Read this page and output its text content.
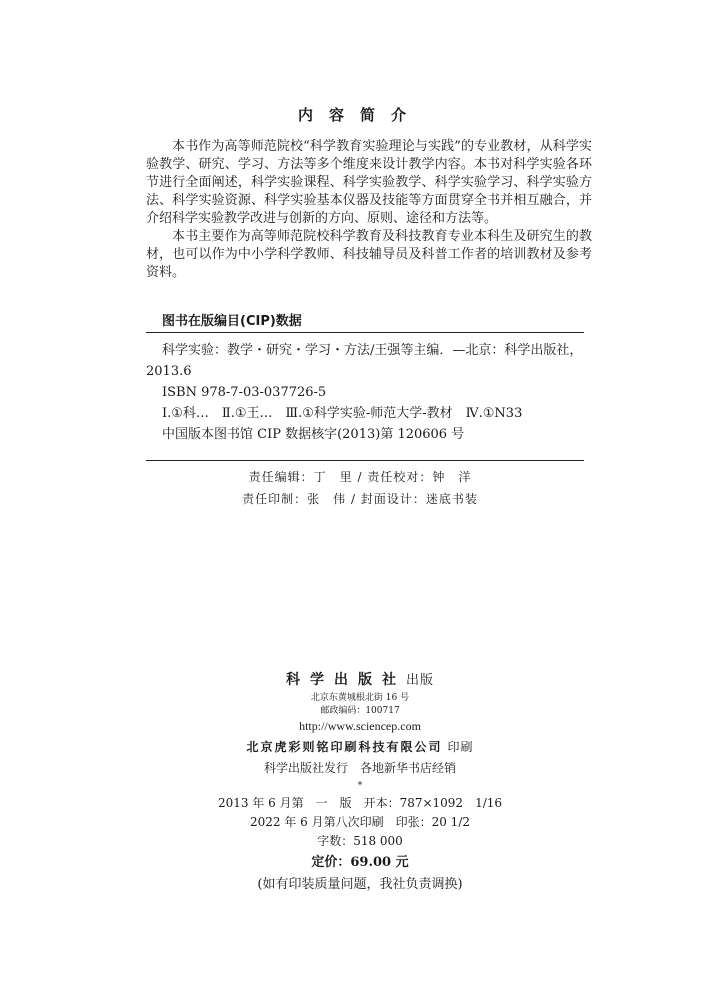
内容简介

本书作为高等师范院校“科学教育实验理论与实践”的专业教材，从科学实验教学、研究、学习、方法等多个维度来设计教学内容。本书对科学实验各环节进行全面阐述，科学实验课程、科学实验教学、科学实验学习、科学实验方法、科学实验资源、科学实验基本仪器及技能等方面贯穿全书并相互融合，并介绍科学实验教学改进与创新的方向、原则、途径和方法等。

本书主要作为高等师范院校科学教育及科技教育专业本科生及研究生的教材，也可以作为中小学科学教师、科技辅导员及科普工作者的培训教材及参考资料。

图书在版编目(CIP)数据
科学实验：教学・研究・学习・方法/王强等主编．—北京：科学出版社，
2013.6
ISBN 978-7-03-037726-5
Ⅰ.①科…　Ⅱ.①王…　Ⅲ.①科学实验-师范大学-教材　Ⅳ.①N33
中国版本图书馆 CIP 数据核字(2013)第 120606 号
责任编辑：丁　里 / 责任校对：钟　洋
责任印制：张　伟 / 封面设计：迷底书装
科学出版社出版
北京东黄城根北街 16 号
邮政编码：100717
http://www.sciencep.com
北京虎彩则铭印刷科技有限公司 印刷
科学出版社发行　各地新华书店经销
*
2013 年 6 月第　一　版　开本：787×1092　1/16
2022 年 6 月第八次印刷　印张：20 1/2
字数：518 000
定价：69.00 元
(如有印装质量问题，我社负责调换)
